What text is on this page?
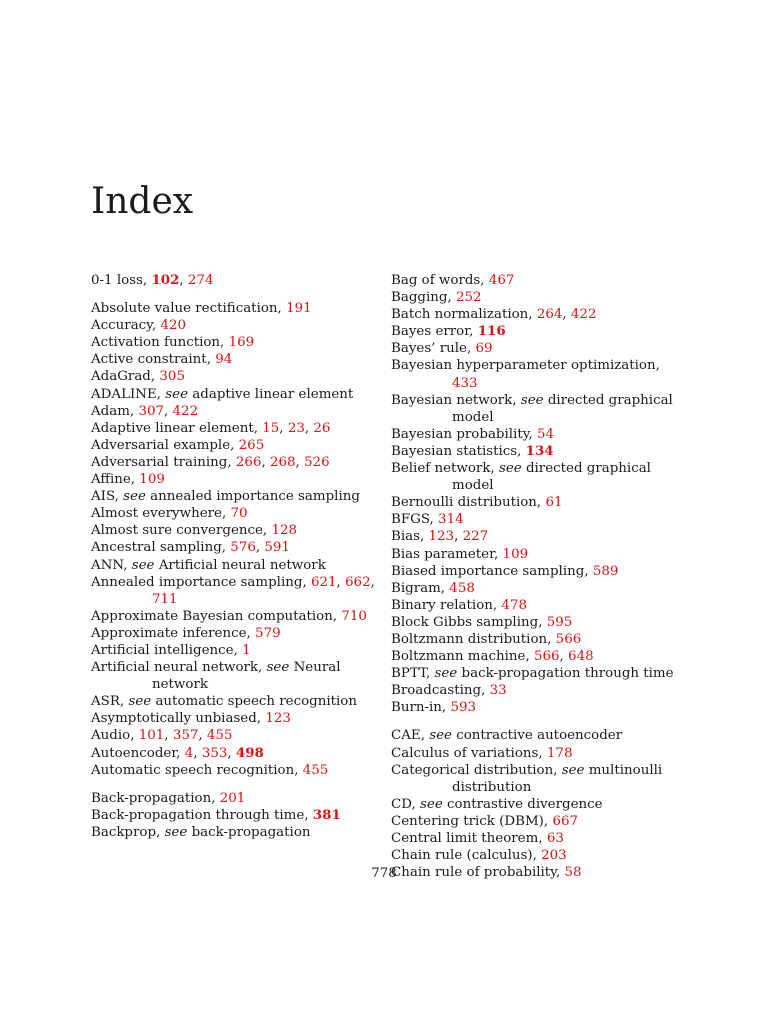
Index

0-1 loss, 102, 274

Absolute value rectification, 191

Accuracy, 420

Activation function, 169

Active constraint, 94

AdaGrad, 305

ADALINE, see adaptive linear element

Adam, 307, 422

Adaptive linear element, 15, 23, 26

Adversarial example, 265

Adversarial training, 266, 268, 526

Affine, 109

AIS, see annealed importance sampling

Almost everywhere, 70

Almost sure convergence, 128

Ancestral sampling, 576, 591

ANN, see Artificial neural network

Annealed importance sampling, 621, 662, 711

Approximate Bayesian computation, 710

Approximate inference, 579

Artificial intelligence, 1

Artificial neural network, see Neural network

ASR, see automatic speech recognition

Asymptotically unbiased, 123

Audio, 101, 357, 455

Autoencoder, 4, 353, 498

Automatic speech recognition, 455

Back-propagation, 201

Back-propagation through time, 381

Backprop, see back-propagation

Bag of words, 467

Bagging, 252

Batch normalization, 264, 422

Bayes error, 116

Bayes’ rule, 69

Bayesian hyperparameter optimization, 433

Bayesian network, see directed graphical model

Bayesian probability, 54

Bayesian statistics, 134

Belief network, see directed graphical model

Bernoulli distribution, 61

BFGS, 314

Bias, 123, 227

Bias parameter, 109

Biased importance sampling, 589

Bigram, 458

Binary relation, 478

Block Gibbs sampling, 595

Boltzmann distribution, 566

Boltzmann machine, 566, 648

BPTT, see back-propagation through time

Broadcasting, 33

Burn-in, 593

CAE, see contractive autoencoder

Calculus of variations, 178

Categorical distribution, see multinoulli distribution

CD, see contrastive divergence

Centering trick (DBM), 667

Central limit theorem, 63

Chain rule (calculus), 203

Chain rule of probability, 58

778
